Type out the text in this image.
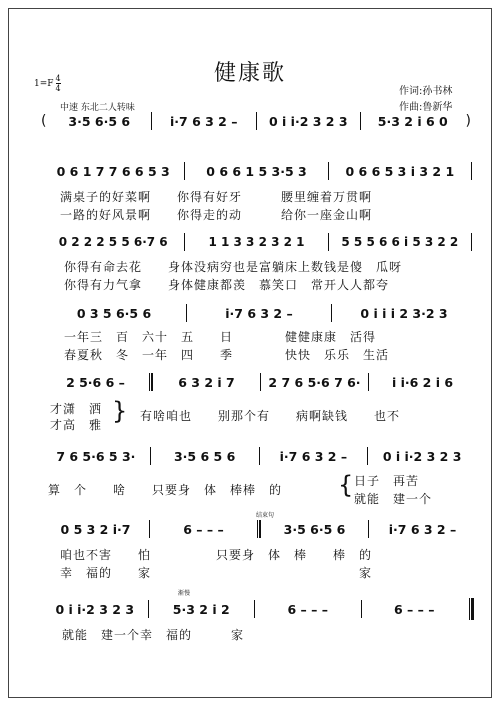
健康歌
$1=F \frac{4}{4}$
中速 东北二人转味
作词:孙书林
作曲:鲁新华
(	3·5 6·5 6	i·7 6 3 2 –	0 i i·2 3 2 3	5·3 2 i 6 0	)
0 6 1 7 7 6 6 5 3	0 6 6 1 5 3·5 3	0 6 6 5 3 i 3 2 1
满桌子的好菜啊　　你得有好牙　　　腰里缠着万贯啊
一路的好风景啊　　你得走的动　　　给你一座金山啊
0 2 2 2 5 5 6·7 6	1 1 3 3 2 3 2 1	5 5 5 6 6 i 5 3 2 2
你得有命去花　　身体没病穷也是富躺床上数钱是傻　瓜呀
你得有力气拿　　身体健康都羡　慕笑口　常开人人都夸
0 3 5 6·5 6	i·7 6 3 2 –	0 i i i 2 3·2 3
一年三　百　六十　五　　日　　　　健健康康　活得
春夏秋　冬　一年　四　　季　　　　快快　乐乐　生活
2 5·6 6 –	6 3 2 i 7	2 7 6 5·6 7 6·	i i·6 2 i 6
才潇　洒
才高　雅 } 有啥咱也　　别那个有　　病啊缺钱　　也不
7 6 5·6 5 3·	3·5 6 5 6	i·7 6 3 2 –	0 i i·2 3 2 3
算　个　　啥　　只要身　体　棒棒　的 { 日子　再苦
就能　建一个
结束句
0 5 3 2 i·7	6 – – –	3·5 6·5 6	i·7 6 3 2 –
咱也不害　　怕　　　　　只要身　体　棒　　棒　的
幸　福的　　家　　　　　　　　　　　　　　　　家
渐慢
0 i i·2 3 2 3	5·3 2 i 2	6 – – –	6 – – –
就能　建一个幸　福的　　　家
